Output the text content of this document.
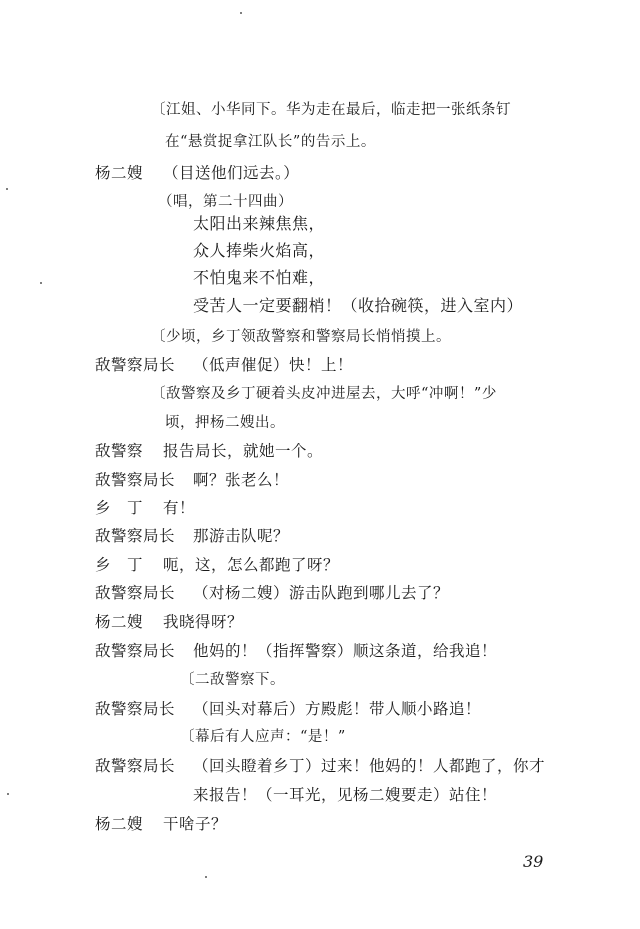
〔江姐、小华同下。华为走在最后，临走把一张纸条钉
在“悬赏捉拿江队长”的告示上。
杨二嫂 （目送他们远去。）
（唱，第二十四曲）
太阳出来辣焦焦，
众人捧柴火焰高，
不怕鬼来不怕难，
受苦人一定要翻梢！（收拾碗筷，进入室内）
〔少顷，乡丁领敌警察和警察局长悄悄摸上。
敌警察局长 （低声催促）快！上！
〔敌警察及乡丁硬着头皮冲进屋去，大呼“冲啊！”少
顷，押杨二嫂出。
敌警察 报告局长，就她一个。
敌警察局长 啊？张老么！
乡　丁 有！
敌警察局长 那游击队呢？
乡　丁 呃，这，怎么都跑了呀？
敌警察局长 （对杨二嫂）游击队跑到哪儿去了？
杨二嫂 我晓得呀？
敌警察局长 他妈的！（指挥警察）顺这条道，给我追！
〔二敌警察下。
敌警察局长 （回头对幕后）方殿彪！带人顺小路追！
〔幕后有人应声：“是！”
敌警察局长 （回头瞪着乡丁）过来！他妈的！人都跑了，你才
来报告！（一耳光，见杨二嫂要走）站住！
杨二嫂 干啥子？
39
